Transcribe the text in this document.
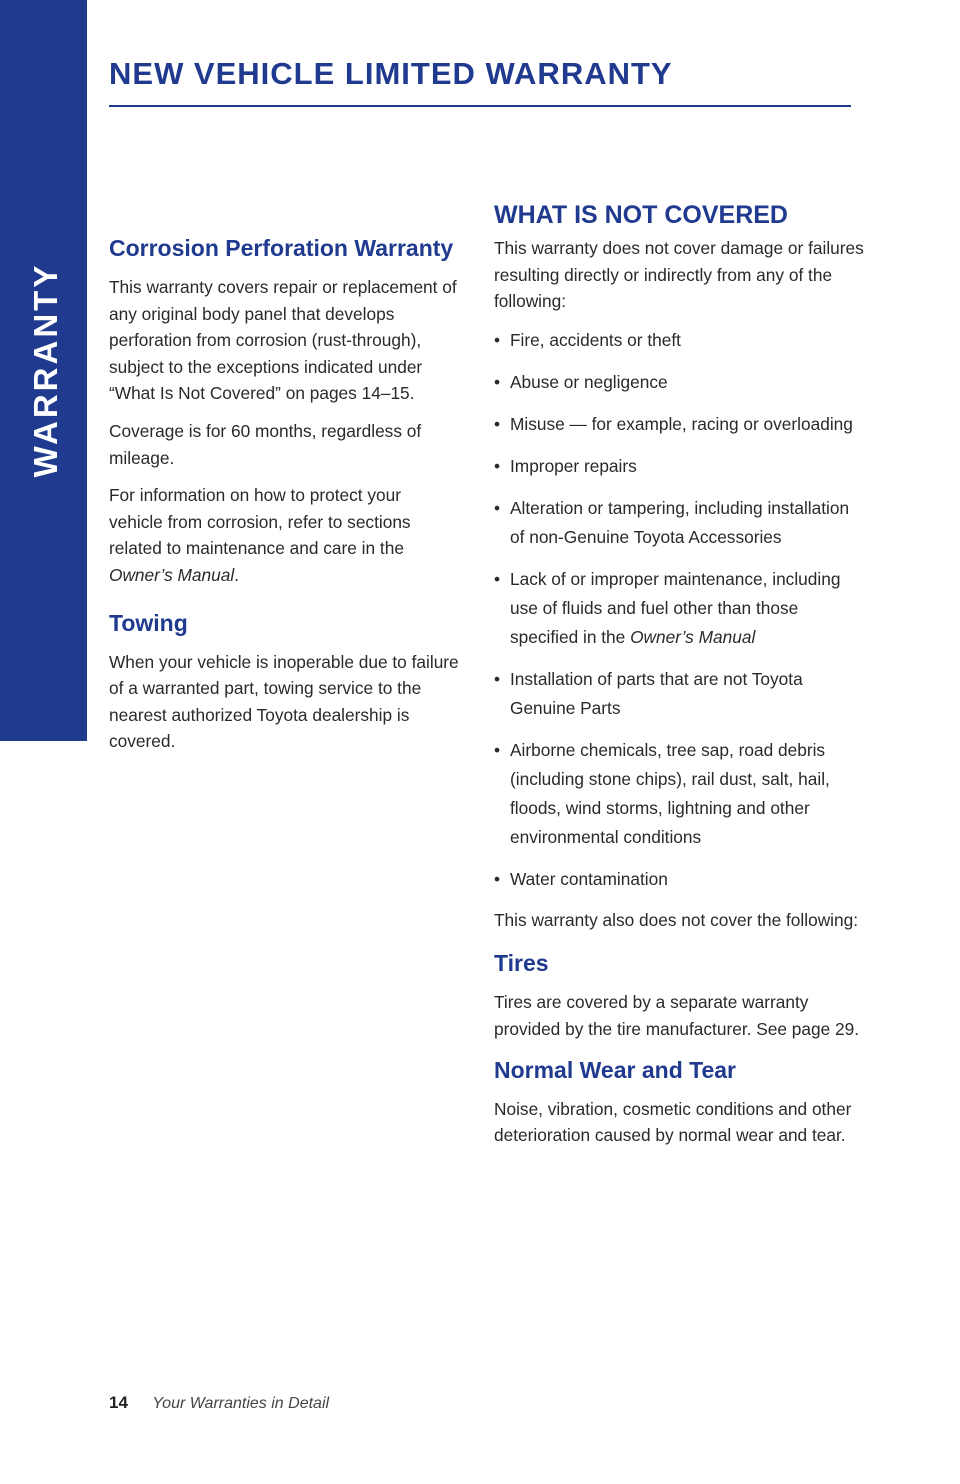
WARRANTY
NEW VEHICLE LIMITED WARRANTY
Corrosion Perforation Warranty

This warranty covers repair or replacement of any original body panel that develops perforation from corrosion (rust-through), subject to the exceptions indicated under “What Is Not Covered” on pages 14–15.

Coverage is for 60 months, regardless of mileage.

For information on how to protect your vehicle from corrosion, refer to sections related to maintenance and care in the Owner’s Manual.

Towing

When your vehicle is inoperable due to failure of a warranted part, towing service to the nearest authorized Toyota dealership is covered.

WHAT IS NOT COVERED

This warranty does not cover damage or failures resulting directly or indirectly from any of the following:

• Fire, accidents or theft
• Abuse or negligence
• Misuse — for example, racing or overloading
• Improper repairs
• Alteration or tampering, including installation of non-Genuine Toyota Accessories
• Lack of or improper maintenance, including use of fluids and fuel other than those specified in the Owner’s Manual
• Installation of parts that are not Toyota Genuine Parts
• Airborne chemicals, tree sap, road debris (including stone chips), rail dust, salt, hail, floods, wind storms, lightning and other environmental conditions
• Water contamination

This warranty also does not cover the following:

Tires

Tires are covered by a separate warranty provided by the tire manufacturer. See page 29.

Normal Wear and Tear

Noise, vibration, cosmetic conditions and other deterioration caused by normal wear and tear.

14 Your Warranties in Detail
